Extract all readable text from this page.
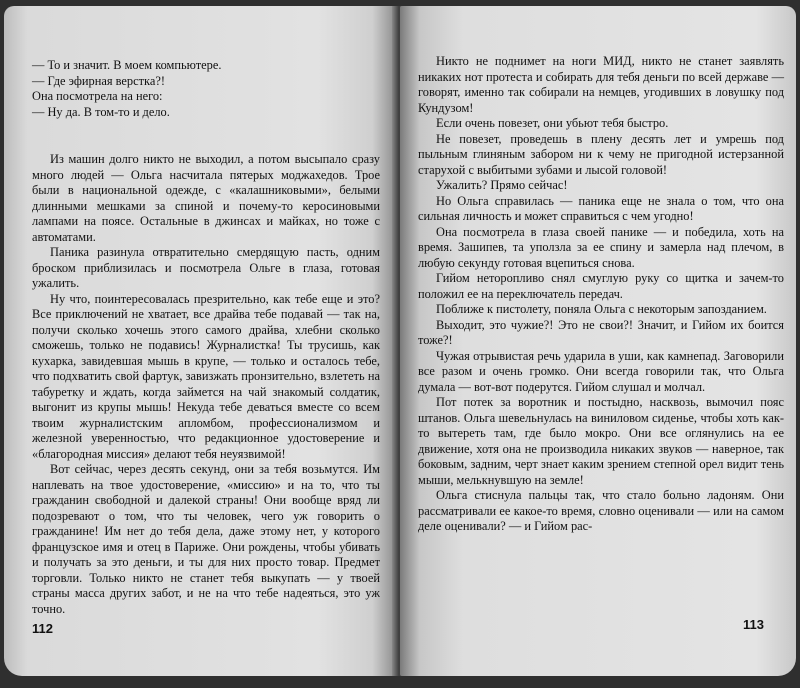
— То и значит. В моем компьютере.

— Где эфирная верстка?!

Она посмотрела на него:

— Ну да. В том-то и дело.

Из машин долго никто не выходил, а потом высыпало сразу много людей — Ольга насчитала пятерых моджахедов. Трое были в национальной одежде, с «калашниковыми», белыми длинными мешками за спиной и почему-то керосиновыми лампами на поясе. Остальные в джинсах и майках, но тоже с автоматами.

Паника разинула отвратительно смердящую пасть, одним броском приблизилась и посмотрела Ольге в глаза, готовая ужалить.

Ну что, поинтересовалась презрительно, как тебе еще и это? Все приключений не хватает, все драйва тебе подавай — так на, получи сколько хочешь этого самого драйва, хлебни сколько сможешь, только не подавись! Журналистка! Ты трусишь, как кухарка, завидевшая мышь в крупе, — только и осталось тебе, что подхватить свой фартук, завизжать пронзительно, взлететь на табуретку и ждать, когда займется на чай знакомый солдатик, выгонит из крупы мышь! Некуда тебе деваться вместе со всем твоим журналистским апломбом, профессионализмом и железной уверенностью, что редакционное удостоверение и «благородная миссия» делают тебя неуязвимой!

Вот сейчас, через десять секунд, они за тебя возьмутся. Им наплевать на твое удостоверение, «миссию» и на то, что ты гражданин свободной и далекой страны! Они вообще вряд ли подозревают о том, что ты человек, чего уж говорить о гражданине! Им нет до тебя дела, даже этому нет, у которого французское имя и отец в Париже. Они рождены, чтобы убивать и получать за это деньги, и ты для них просто товар. Предмет торговли. Только никто не станет тебя выкупать — у твоей страны масса других забот, и не на что тебе надеяться, это уж точно.

112

Никто не поднимет на ноги МИД, никто не станет заявлять никаких нот протеста и собирать для тебя деньги по всей державе — говорят, именно так собирали на немцев, угодивших в ловушку под Кундузом!

Если очень повезет, они убьют тебя быстро.

Не повезет, проведешь в плену десять лет и умрешь под пыльным глиняным забором ни к чему не пригодной истерзанной старухой с выбитыми зубами и лысой головой!

Ужалить? Прямо сейчас!

Но Ольга справилась — паника еще не знала о том, что она сильная личность и может справиться с чем угодно!

Она посмотрела в глаза своей панике — и победила, хоть на время. Зашипев, та уползла за ее спину и замерла над плечом, в любую секунду готовая вцепиться снова.

Гийом неторопливо снял смуглую руку со щитка и зачем-то положил ее на переключатель передач.

Поближе к пистолету, поняла Ольга с некоторым запозданием.

Выходит, это чужие?! Это не свои?! Значит, и Гийом их боится тоже?!

Чужая отрывистая речь ударила в уши, как камнепад. Заговорили все разом и очень громко. Они всегда говорили так, что Ольга думала — вот-вот подерутся. Гийом слушал и молчал.

Пот потек за воротник и постыдно, насквозь, вымочил пояс штанов. Ольга шевельнулась на виниловом сиденье, чтобы хоть как-то вытереть там, где было мокро. Они все оглянулись на ее движение, хотя она не производила никаких звуков — наверное, так боковым, задним, черт знает каким зрением степной орел видит тень мыши, мелькнувшую на земле!

Ольга стиснула пальцы так, что стало больно ладоням. Они рассматривали ее какое-то время, словно оценивали — или на самом деле оценивали? — и Гийом рас-

113
